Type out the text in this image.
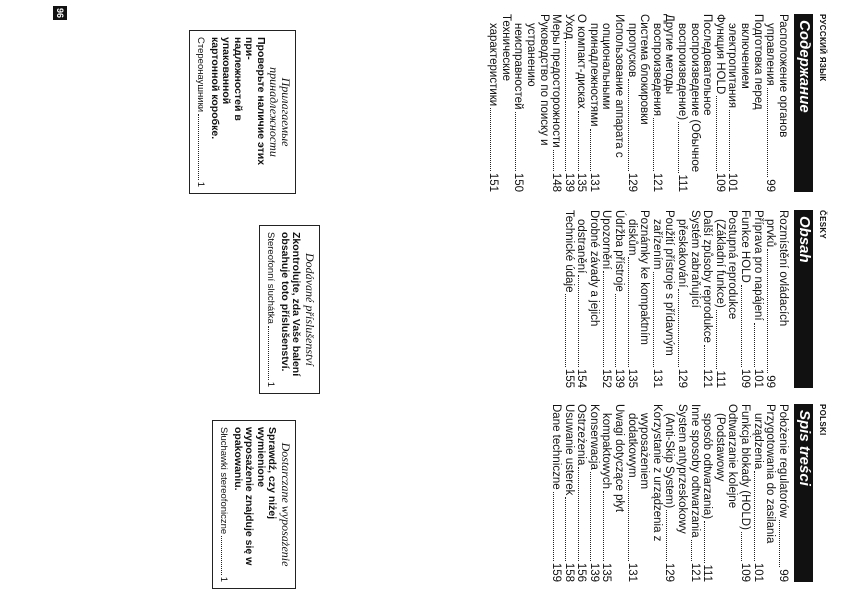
РУССКИЙ ЯЗЫК
Содержание
Расположение органов
управления
99
Подготовка перед
включением
электропитания
101
Функция HOLD
109
Последовательное
воспроизведение (Обычное
воспроизведение)
111
Другие методы
воспроизведения
121
Система блокировки
пропусков
129
Использование аппарата с
опциональными
принадлежностями
131
О компакт-дисках
135
Уход
139
Меры предосторожности
148
Руководство по поиску и
устранению
неисправностей
150
Технические
характеристики
151
ČESKY
Obsah
Rozmístění ovládacích
prvků
99
Příprava pro napájení
101
Funkce HOLD
109
Postupná reprodukce
(Základní funkce)
111
Další způsoby reprodukce
121
Systém zabraňující
přeskakování
129
Použití přístroje s přídavným
zařízením
131
Poznámky ke kompaktním
diskům
135
Údržba přístroje
139
Upozornění
152
Drobné závady a jejich
odstranění
154
Technické údaje
155
POLSKI
Spis treści
Położenie regulatorów
99
Przygotowania do zasilania
urządzenia
101
Funkcja blokady (HOLD)
109
Odtwarzanie kolejne
(Podstawowy
sposób odtwarzania)
111
Inne sposoby odtwarzania
121
System antyprzeskokowy
(Anti-Skip System)
129
Korzystanie z urządzenia z
wyposażeniem
dodatkowym
131
Uwagi dotyczące płyt
kompaktowych
135
Konserwacja
139
Ostrzeżenia
156
Usuwanie usterek
158
Dane techniczne
159
Прилагаемые
принадлежности
Проверьте наличие этих при-
надлежностей в упакованной
картонной коробке.
Стереонаушники
1
Dodávané příslušenství
Zkontrolujte, zda Vaše balení
obsahuje toto příslušenství.
Stereofonní sluchátka
1
Dostarczane wyposażenie
Sprawdź, czy niżej wymienione
wyposażenie znajduje się w
opakowaniu.
Słuchawki stereofoniczne
1
96
